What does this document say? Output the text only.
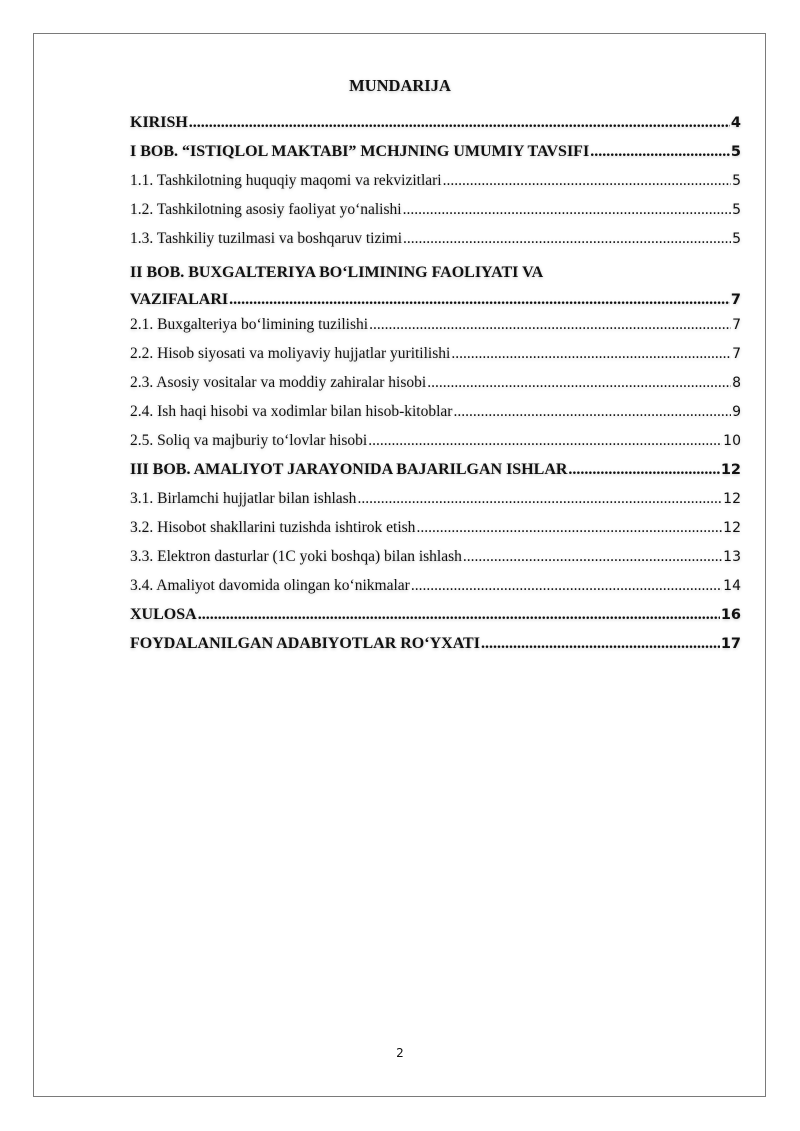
MUNDARIJA
KIRISH .....	4
I BOB. “ISTIQLOL MAKTABI” MCHJNING UMUMIY TAVSIFI .....	5
1.1. Tashkilotning huquqiy maqomi va rekvizitlari .....	5
1.2. Tashkilotning asosiy faoliyat yo‘nalishi .....	5
1.3. Tashkiliy tuzilmasi va boshqaruv tizimi .....	5
II BOB. BUXGALTERIYA BO‘LIMINING FAOLIYATI VA
VAZIFALARI .....	7
2.1. Buxgalteriya bo‘limining tuzilishi .....	7
2.2. Hisob siyosati va moliyaviy hujjatlar yuritilishi .....	7
2.3. Asosiy vositalar va moddiy zahiralar hisobi .....	8
2.4. Ish haqi hisobi va xodimlar bilan hisob-kitoblar .....	9
2.5. Soliq va majburiy to‘lovlar hisobi .....	10
III BOB. AMALIYOT JARAYONIDA BAJARILGAN ISHLAR .....	12
3.1. Birlamchi hujjatlar bilan ishlash .....	12
3.2. Hisobot shakllarini tuzishda ishtirok etish .....	12
3.3. Elektron dasturlar (1C yoki boshqa) bilan ishlash .....	13
3.4. Amaliyot davomida olingan ko‘nikmalar .....	14
XULOSA .....	16
FOYDALANILGAN ADABIYOTLAR RO‘YXATI .....	17
2
